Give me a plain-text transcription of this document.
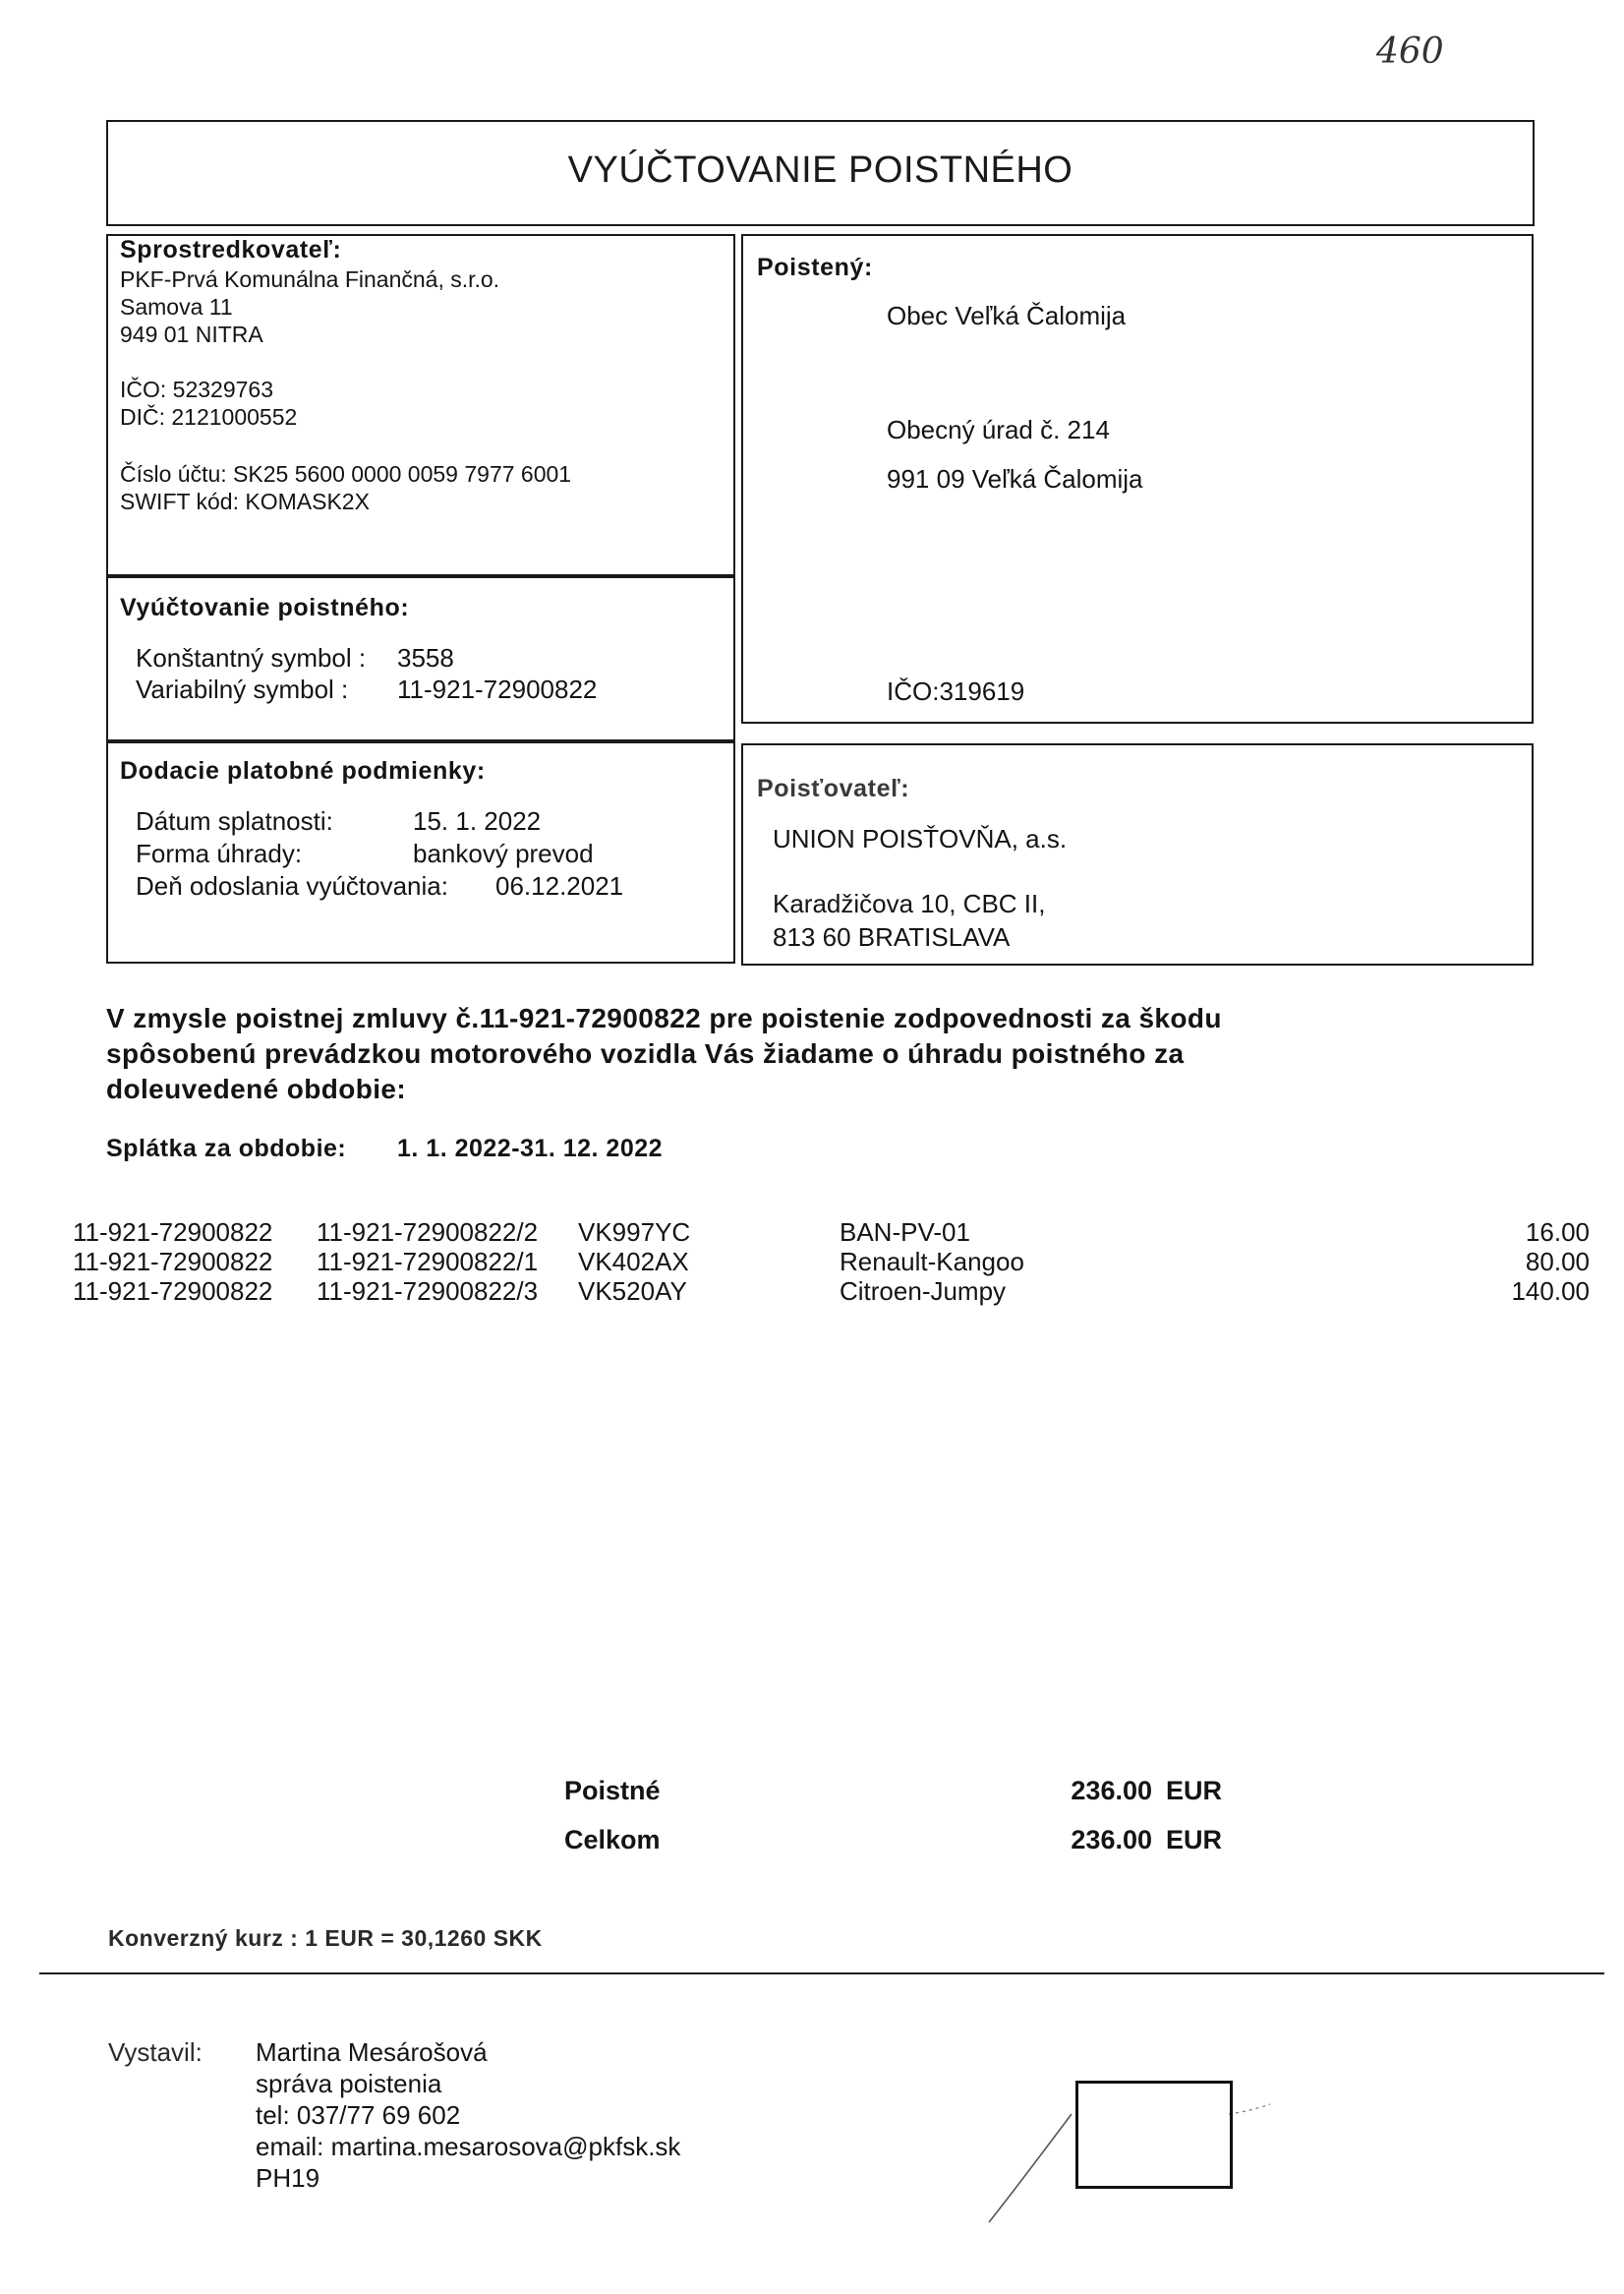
460
VYÚČTOVANIE POISTNÉHO
Sprostredkovateľ:
PKF-Prvá Komunálna Finančná, s.r.o.
Samova 11
949 01 NITRA
IČO: 52329763
DIČ: 2121000552
Číslo účtu: SK25 5600 0000 0059 7977 6001
SWIFT kód: KOMASK2X
Poistený:
Obec Veľká Čalomija
Obecný úrad č. 214
991 09 Veľká Čalomija
IČO:319619
Vyúčtovanie poistného:
Konštantný symbol : 3558
Variabilný symbol : 11-921-72900822
Dodacie platobné podmienky:
Dátum splatnosti:	15. 1. 2022
Forma úhrady:	bankový prevod
Deň odoslania vyúčtovania: 06.12.2021
Poisťovateľ:
UNION POISŤOVŇA, a.s.
Karadžičova 10, CBC II,
813 60 BRATISLAVA
V zmysle poistnej zmluvy č.11-921-72900822 pre poistenie zodpovednosti za škodu
spôsobenú prevádzkou motorového vozidla Vás žiadame o úhradu poistného za
doleuvedené obdobie:
Splátka za obdobie: 1. 1. 2022-31. 12. 2022
11-921-72900822 11-921-72900822/2 VK997YC	BAN-PV-01	16.00
11-921-72900822 11-921-72900822/1 VK402AX	Renault-Kangoo	80.00
11-921-72900822 11-921-72900822/3 VK520AY	Citroen-Jumpy	140.00
Poistné	236.00 EUR
Celkom	236.00 EUR
Konverzný kurz : 1 EUR = 30,1260 SKK
Vystavil: Martina Mesárošová
správa poistenia
tel: 037/77 69 602
email: martina.mesarosova@pkfsk.sk
PH19
